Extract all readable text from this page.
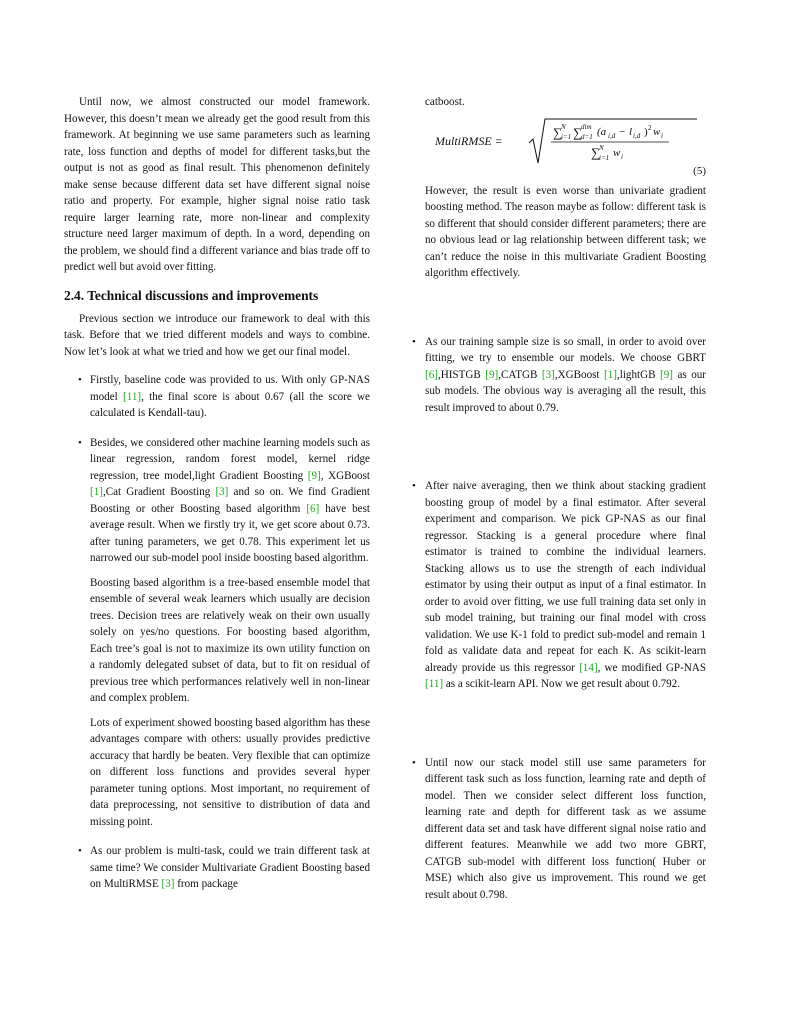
Until now, we almost constructed our model framework. However, this doesn’t mean we already get the good result from this framework. At beginning we use same parameters such as learning rate, loss function and depths of model for different tasks,but the output is not as good as final result. This phenomenon definitely make sense because different data set have different signal noise ratio and property. For example, higher signal noise ratio task require larger learning rate, more non-linear and complexity structure need larger maximum of depth. In a word, depending on the problem, we should find a different variance and bias trade off to predict well but avoid over fitting.

2.4. Technical discussions and improvements

Previous section we introduce our framework to deal with this task. Before that we tried different models and ways to combine. Now let’s look at what we tried and how we get our final model.

• Firstly, baseline code was provided to us. With only GP-NAS model [11], the final score is about 0.67 (all the score we calculated is Kendall-tau).

• Besides, we considered other machine learning models such as linear regression, random forest model, kernel ridge regression, tree model,light Gradient Boosting [9], XGBoost [1],Cat Gradient Boosting [3] and so on. We find Gradient Boosting or other Boosting based algorithm [6] have best average result. When we firstly try it, we get score about 0.73. after tuning parameters, we get 0.78. This experiment let us narrowed our sub-model pool inside boosting based algorithm.

Boosting based algorithm is a tree-based ensemble model that ensemble of several weak learners which usually are decision trees. Decision trees are relatively weak on their own usually solely on yes/no questions. For boosting based algorithm, Each tree’s goal is not to maximize its own utility function on a randomly delegated subset of data, but to fit on residual of previous tree which performances relatively well in non-linear and complex problem.

Lots of experiment showed boosting based algorithm has these advantages compare with others: usually provides predictive accuracy that hardly be beaten. Very flexible that can optimize on different loss functions and provides several hyper parameter tuning options. Most important, no requirement of data preprocessing, not sensitive to distribution of data and missing point.

• As our problem is multi-task, could we train different task at same time? We consider Multivariate Gradient Boosting based on MultiRMSE [3] from package

catboost.

MultiRMSE =
∑
N
i=1 ∑
dim
d=1 (a i,d − l i,d ) 2 w i
∑
N
i=1 w i
(5)

However, the result is even worse than univariate gradient boosting method. The reason maybe as follow: different task is so different that should consider different parameters; there are no obvious lead or lag relationship between different task; we can’t reduce the noise in this multivariate Gradient Boosting algorithm effectively.

• As our training sample size is so small, in order to avoid over fitting, we try to ensemble our models. We choose GBRT [6],HISTGB [9],CATGB [3],XGBoost [1],lightGB [9] as our sub models. The obvious way is averaging all the result, this result improved to about 0.79.

• After naive averaging, then we think about stacking gradient boosting group of model by a final estimator. After several experiment and comparison. We pick GP-NAS as our final regressor. Stacking is a general procedure where final estimator is trained to combine the individual learners. Stacking allows us to use the strength of each individual estimator by using their output as input of a final estimator. In order to avoid over fitting, we use full training data set only in sub model training, but training our final model with cross validation. We use K-1 fold to predict sub-model and remain 1 fold as validate data and repeat for each K. As scikit-learn already provide us this regressor [14], we modified GP-NAS [11] as a scikit-learn API. Now we get result about 0.792.

• Until now our stack model still use same parameters for different task such as loss function, learning rate and depth of model. Then we consider select different loss function, learning rate and depth for different task as we assume different data set and task have different signal noise ratio and different features. Meanwhile we add two more GBRT, CATGB sub-model with different loss function( Huber or MSE) which also give us improvement. This round we get result about 0.798.
